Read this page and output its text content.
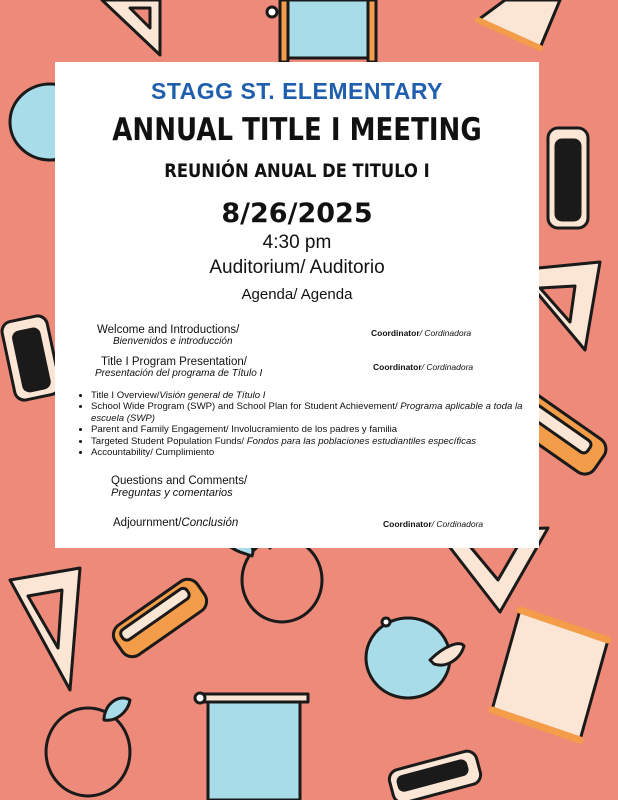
STAGG ST. ELEMENTARY
ANNUAL TITLE I MEETING
REUNIÓN ANUAL DE TITULO I
8/26/2025
4:30 pm
Auditorium/ Auditorio
Agenda/ Agenda
Welcome and Introductions/
Bienvenidos e introducción
Coordinator/ Cordinadora
Title I Program Presentation/
Presentación del programa de Título I
Coordinator/ Cordinadora
• Title I Overview/Visión general de Título I
• School Wide Program (SWP) and School Plan for Student Achievement/ Programa aplicable a toda la escuela (SWP)
• Parent and Family Engagement/ Involucramiento de los padres y familia
• Targeted Student Population Funds/ Fondos para las poblaciones estudiantiles específicas
• Accountability/ Cumplimiento
Questions and Comments/
Preguntas y comentarios
Adjournment/Conclusión	Coordinator/ Cordinadora
